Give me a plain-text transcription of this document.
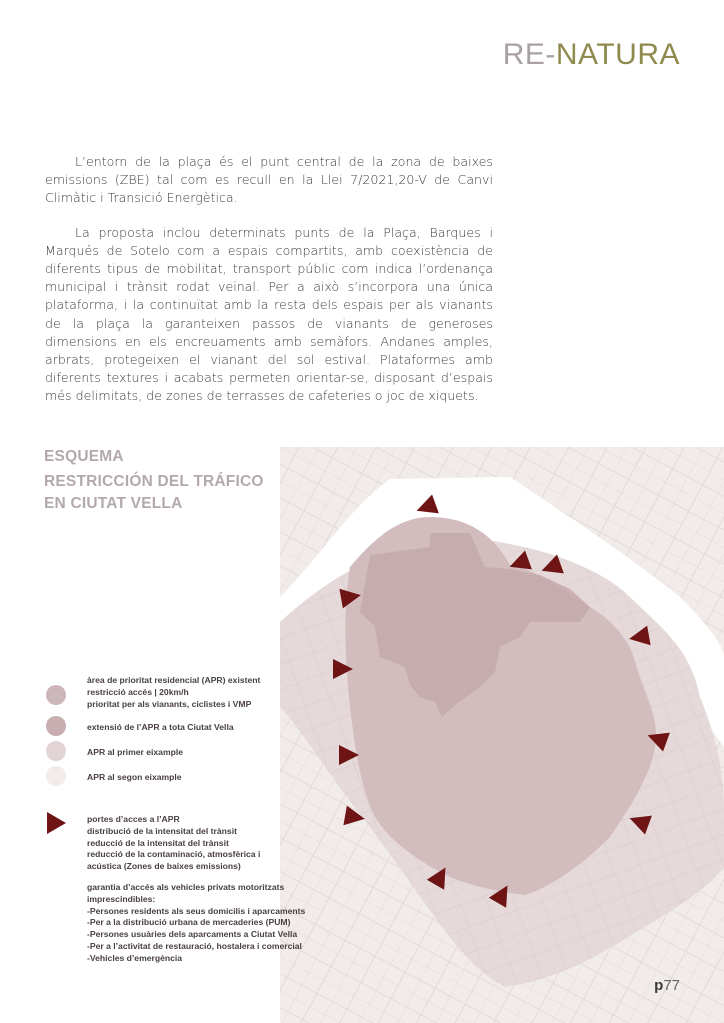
RE-NATURA

L’entorn de la plaça és el punt central de la zona de baixes emissions (ZBE) tal com es recull en la Llei 7/2021,20-V de Canvi Climàtic i Transició Energètica.

La proposta inclou determinats punts de la Plaça, Barques i Marqués de Sotelo com a espais compartits, amb coexistència de diferents tipus de mobilitat, transport públic com indica l’ordenança municipal i trànsit rodat veïnal. Per a això s’incorpora una única plataforma, i la continuïtat amb la resta dels espais per als vianants de la plaça la garanteixen passos de vianants de generoses dimensions en els encreuaments amb semàfors. Andanes amples, arbrats, protegeixen el vianant del sol estival. Plataformes amb diferents textures i acabats permeten orientar-se, disposant d’espais més delimitats, de zones de terrasses de cafeteries o joc de xiquets.

ESQUEMA
RESTRICCIÓN DEL TRÁFICO
EN CIUTAT VELLA
àrea de prioritat residencial (APR) existent
restricció accés | 20km/h
prioritat per als vianants, ciclistes i VMP
extensió de l’APR a tota Ciutat Vella
APR al primer eixample
APR al segon eixample
portes d’acces a l’APR
distribució de la intensitat del trànsit
reducció de la intensitat del trànsit
reducció de la contaminació, atmosfèrica i
acústica (Zones de baixes emissions)
garantia d’accés als vehicles privats motoritzats
imprescindibles:
-Persones residents als seus domicilis i aparcaments
-Per a la distribució urbana de mercaderies (PUM)
-Persones usuàries dels aparcaments a Ciutat Vella
-Per a l’activitat de restauració, hostalera i comercial
-Vehicles d’emergència
p77
